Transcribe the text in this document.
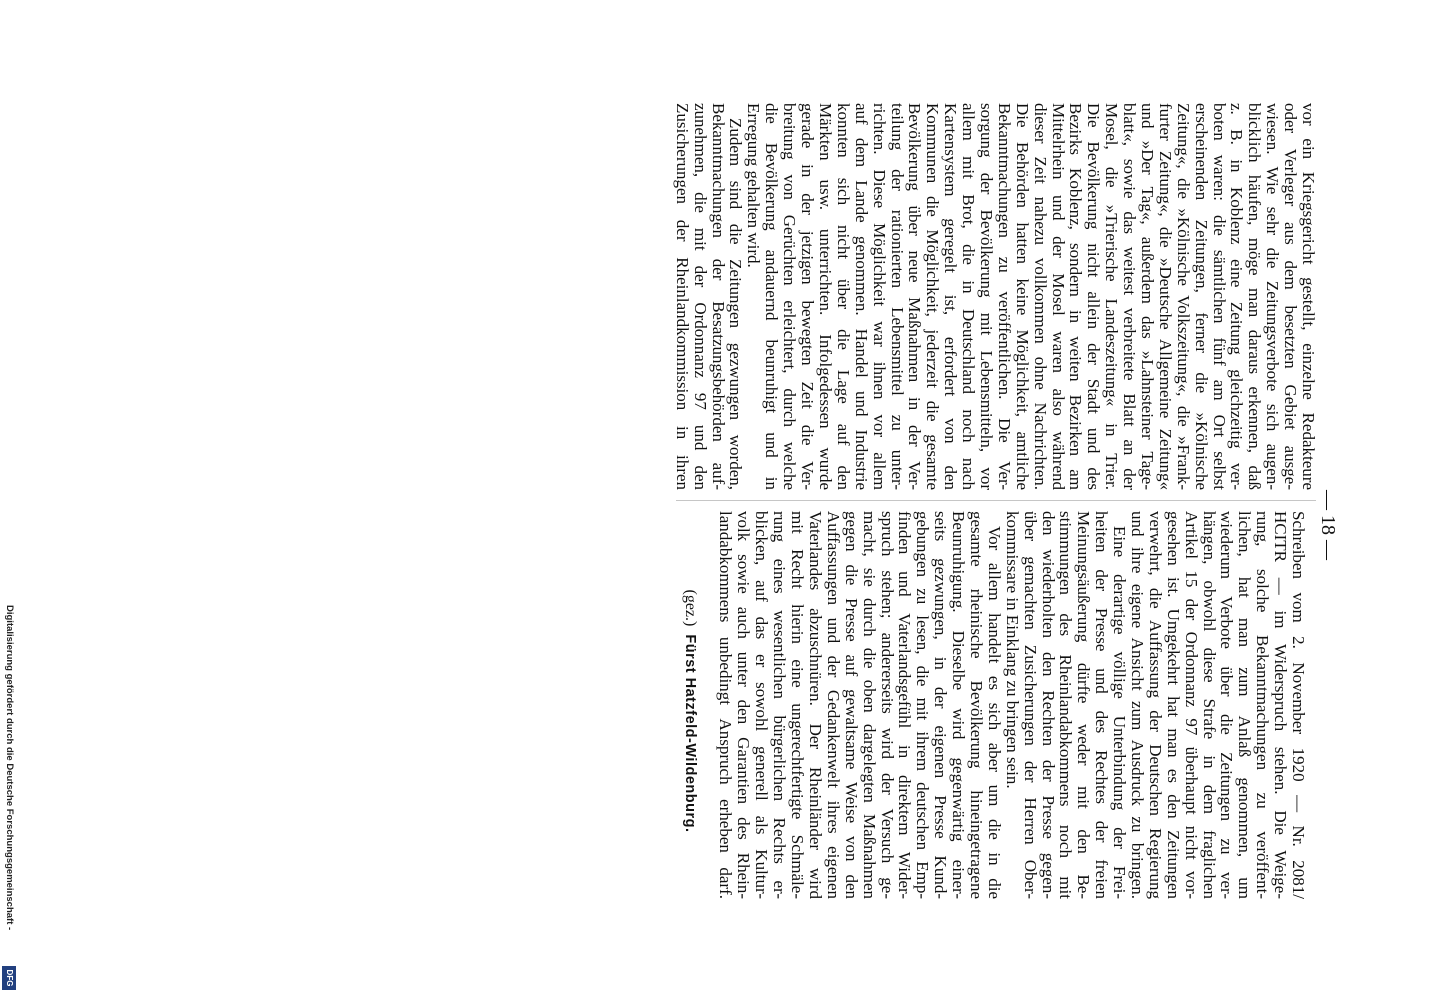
— 18 —
vor ein Kriegsgericht gestellt, einzelne Redakteure
oder Verleger aus dem besetzten Gebiet ausge-
wiesen. Wie sehr die Zeitungsverbote sich augen-
blicklich häufen, möge man daraus erkennen, daß
z. B. in Koblenz eine Zeitung gleichzeitig ver-
boten waren: die sämtlichen fünf am Ort selbst
erscheinenden Zeitungen, ferner die »Kölnische
Zeitung«, die »Kölnische Volkszeitung«, die »Frank-
furter Zeitung«, die »Deutsche Allgemeine Zeitung«
und »Der Tag«, außerdem das »Lahnsteiner Tage-
blatt«, sowie das weitest verbreitete Blatt an der
Mosel, die »Trierische Landeszeitung« in Trier.
Die Bevölkerung nicht allein der Stadt und des
Bezirks Koblenz, sondern in weiten Bezirken am
Mittelrhein und der Mosel waren also während
dieser Zeit nahezu vollkommen ohne Nachrichten.
Die Behörden hatten keine Möglichkeit, amtliche
Bekanntmachungen zu veröffentlichen. Die Ver-
sorgung der Bevölkerung mit Lebensmitteln, vor
allem mit Brot, die in Deutschland noch nach
Kartensystem geregelt ist, erfordert von den
Kommunen die Möglichkeit, jederzeit die gesamte
Bevölkerung über neue Maßnahmen in der Ver-
teilung der rationierten Lebensmittel zu unter-
richten. Diese Möglichkeit war ihnen vor allem
auf dem Lande genommen. Handel und Industrie
konnten sich nicht über die Lage auf den
Märkten usw. unterrichten. Infolgedessen wurde
gerade in der jetzigen bewegten Zeit die Ver-
breitung von Gerüchten erleichtert, durch welche
die Bevölkerung andauernd beunruhigt und in
Erregung gehalten wird.
Zudem sind die Zeitungen gezwungen worden,
Bekanntmachungen der Besatzungsbehörden auf-
zunehmen, die mit der Ordonnanz 97 und den
Zusicherungen der Rheinlandkommission in ihren
Schreiben vom 2. November 1920 — Nr. 2081/
HCITR — im Widerspruch stehen. Die Weige-
rung, solche Bekanntmachungen zu veröffent-
lichen, hat man zum Anlaß genommen, um
wiederum Verbote über die Zeitungen zu ver-
hängen, obwohl diese Strafe in dem fraglichen
Artikel 15 der Ordonnanz 97 überhaupt nicht vor-
gesehen ist. Umgekehrt hat man es den Zeitungen
verwehrt, die Auffassung der Deutschen Regierung
und ihre eigene Ansicht zum Ausdruck zu bringen.
Eine derartige völlige Unterbindung der Frei-
heiten der Presse und des Rechtes der freien
Meinungsäußerung dürfte weder mit den Be-
stimmungen des Rheinlandabkommens noch mit
den wiederholten den Rechten der Presse gegen-
über gemachten Zusicherungen der Herren Ober-
kommissare in Einklang zu bringen sein.
Vor allem handelt es sich aber um die in die
gesamte rheinische Bevölkerung hineingetragene
Beunruhigung. Dieselbe wird gegenwärtig einer-
seits gezwungen, in der eigenen Presse Kund-
gebungen zu lesen, die mit ihrem deutschen Emp-
finden und Vaterlandsgefühl in direktem Wider-
spruch stehen; andererseits wird der Versuch ge-
macht, sie durch die oben dargelegten Maßnahmen
gegen die Presse auf gewaltsame Weise von den
Auffassungen und der Gedankenwelt ihres eigenen
Vaterlandes abzuschnüren. Der Rheinländer wird
mit Recht hierin eine ungerechtfertigte Schmäle-
rung eines wesentlichen bürgerlichen Rechts er-
blicken, auf das er sowohl generell als Kultur-
volk sowie auch unter den Garantien des Rhein-
landabkommens unbedingt Anspruch erheben darf.
(gez.)Fürst Hatzfeld-Wildenburg.
Digitalisierung gefördert durch die Deutsche Forschungsgemeinschaft -
DFG
